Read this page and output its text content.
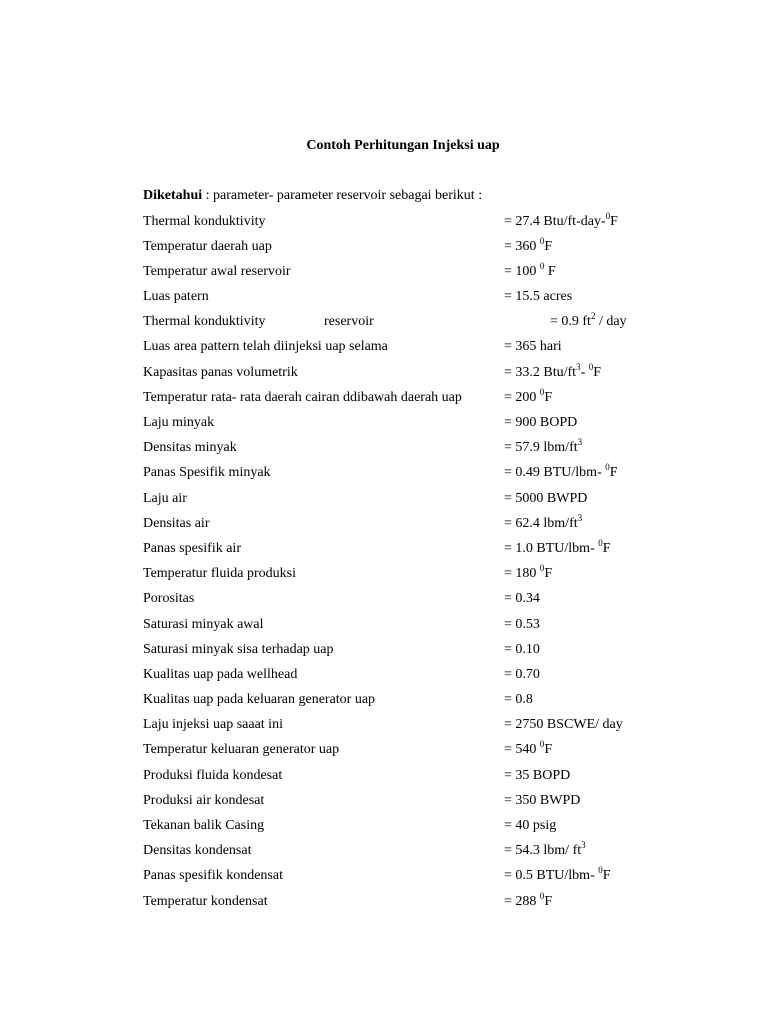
Contoh Perhitungan Injeksi uap
Diketahui : parameter- parameter reservoir sebagai berikut :
Thermal konduktivity	= 27.4 Btu/ft-day-$^0$F
Temperatur daerah uap	= 360 $^0$F
Temperatur awal reservoir	= 100 $^0$ F
Luas patern	= 15.5 acres
Thermal konduktivity	reservoir	= 0.9 $ft^2$ / day
Luas area pattern telah diinjeksi uap selama	= 365 hari
Kapasitas panas volumetrik	= 33.2 Btu/$ft^3-$ $^0$F
Temperatur rata- rata daerah cairan ddibawah daerah uap	= 200 $^0$F
Laju minyak	= 900 BOPD
Densitas minyak	= 57.9 lbm/$ft^3$
Panas Spesifik minyak	= 0.49 BTU/lbm- $^0$F
Laju air	= 5000 BWPD
Densitas air	= 62.4 lbm/$ft^3$
Panas spesifik air	= 1.0 BTU/lbm- $^0$F
Temperatur fluida produksi	= 180 $^0$F
Porositas	= 0.34
Saturasi minyak awal	= 0.53
Saturasi minyak sisa terhadap uap	= 0.10
Kualitas uap pada wellhead	= 0.70
Kualitas uap pada keluaran generator uap	= 0.8
Laju injeksi uap saaat ini	= 2750 BSCWE/ day
Temperatur keluaran generator uap	= 540 $^0$F
Produksi fluida kondesat	= 35 BOPD
Produksi air kondesat	= 350 BWPD
Tekanan balik Casing	= 40 psig
Densitas kondensat	= 54.3 lbm/ $ft^3$
Panas spesifik kondensat	= 0.5 BTU/lbm- $^0$F
Temperatur kondensat	= 288 $^0$F
